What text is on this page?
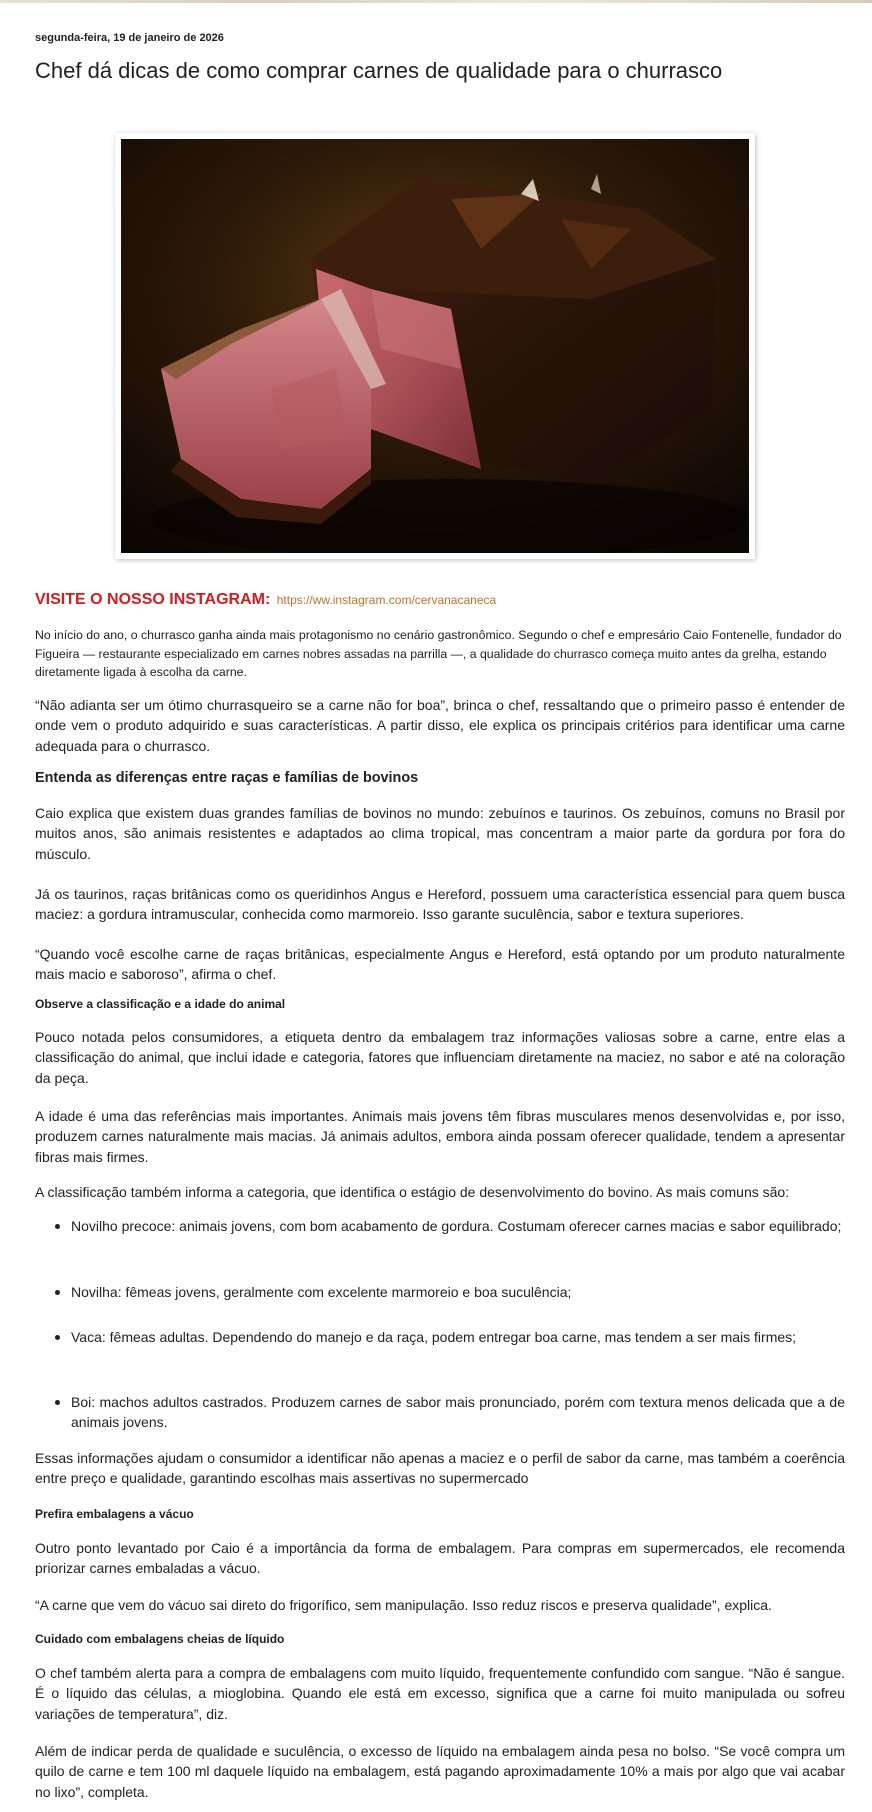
segunda-feira, 19 de janeiro de 2026
Chef dá dicas de como comprar carnes de qualidade para o churrasco
VISITE O NOSSO INSTAGRAM: https://ww.instagram.com/cervanacaneca

No início do ano, o churrasco ganha ainda mais protagonismo no cenário gastronômico. Segundo o chef e empresário Caio Fontenelle, fundador do Figueira — restaurante especializado em carnes nobres assadas na parrilla —, a qualidade do churrasco começa muito antes da grelha, estando diretamente ligada à escolha da carne.

“Não adianta ser um ótimo churrasqueiro se a carne não for boa”, brinca o chef, ressaltando que o primeiro passo é entender de onde vem o produto adquirido e suas características. A partir disso, ele explica os principais critérios para identificar uma carne adequada para o churrasco.

Entenda as diferenças entre raças e famílias de bovinos

Caio explica que existem duas grandes famílias de bovinos no mundo: zebuínos e taurinos. Os zebuínos, comuns no Brasil por muitos anos, são animais resistentes e adaptados ao clima tropical, mas concentram a maior parte da gordura por fora do músculo.

Já os taurinos, raças britânicas como os queridinhos Angus e Hereford, possuem uma característica essencial para quem busca maciez: a gordura intramuscular, conhecida como marmoreio. Isso garante suculência, sabor e textura superiores.

“Quando você escolhe carne de raças britânicas, especialmente Angus e Hereford, está optando por um produto naturalmente mais macio e saboroso”, afirma o chef.

Observe a classificação e a idade do animal

Pouco notada pelos consumidores, a etiqueta dentro da embalagem traz informações valiosas sobre a carne, entre elas a classificação do animal, que inclui idade e categoria, fatores que influenciam diretamente na maciez, no sabor e até na coloração da peça.

A idade é uma das referências mais importantes. Animais mais jovens têm fibras musculares menos desenvolvidas e, por isso, produzem carnes naturalmente mais macias. Já animais adultos, embora ainda possam oferecer qualidade, tendem a apresentar fibras mais firmes.

A classificação também informa a categoria, que identifica o estágio de desenvolvimento do bovino. As mais comuns são:

Novilho precoce: animais jovens, com bom acabamento de gordura. Costumam oferecer carnes macias e sabor equilibrado;
Novilha: fêmeas jovens, geralmente com excelente marmoreio e boa suculência;
Vaca: fêmeas adultas. Dependendo do manejo e da raça, podem entregar boa carne, mas tendem a ser mais firmes;
Boi: machos adultos castrados. Produzem carnes de sabor mais pronunciado, porém com textura menos delicada que a de animais jovens.

Essas informações ajudam o consumidor a identificar não apenas a maciez e o perfil de sabor da carne, mas também a coerência entre preço e qualidade, garantindo escolhas mais assertivas no supermercado

Prefira embalagens a vácuo

Outro ponto levantado por Caio é a importância da forma de embalagem. Para compras em supermercados, ele recomenda priorizar carnes embaladas a vácuo.

“A carne que vem do vácuo sai direto do frigorífico, sem manipulação. Isso reduz riscos e preserva qualidade”, explica.

Cuidado com embalagens cheias de líquido

O chef também alerta para a compra de embalagens com muito líquido, frequentemente confundido com sangue. “Não é sangue. É o líquido das células, a mioglobina. Quando ele está em excesso, significa que a carne foi muito manipulada ou sofreu variações de temperatura”, diz.

Além de indicar perda de qualidade e suculência, o excesso de líquido na embalagem ainda pesa no bolso. “Se você compra um quilo de carne e tem 100 ml daquele líquido na embalagem, está pagando aproximadamente 10% a mais por algo que vai acabar no lixo”, completa.
